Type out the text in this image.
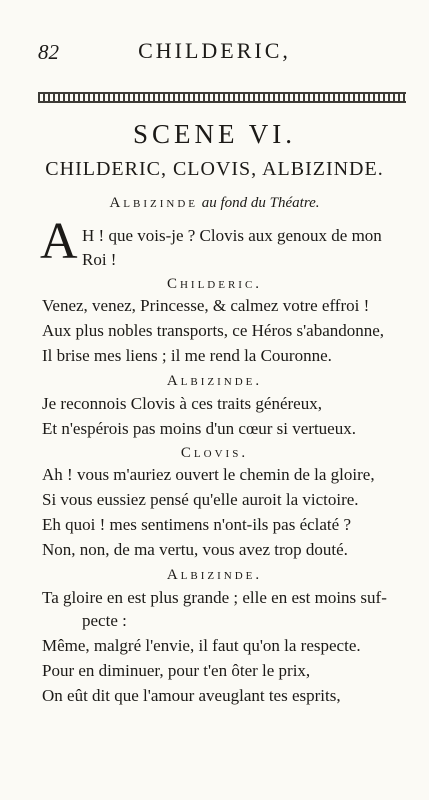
82	CHILDERIC,
SCENE VI.
CHILDERIC, CLOVIS, ALBIZINDE.
Albizinde au fond du Théatre.
A H ! que vois-je ? Clovis aux genoux de mon
Roi !
Childeric.
Venez, venez, Princesse, & calmez votre effroi !
Aux plus nobles transports, ce Héros s'abandonne,
Il brise mes liens ; il me rend la Couronne.
Albizinde.
Je reconnois Clovis à ces traits généreux,
Et n'espérois pas moins d'un cœur si vertueux.
Clovis.
Ah ! vous m'auriez ouvert le chemin de la gloire,
Si vous eussiez pensé qu'elle auroit la victoire.
Eh quoi ! mes sentimens n'ont-ils pas éclaté ?
Non, non, de ma vertu, vous avez trop douté.
Albizinde.
Ta gloire en est plus grande ; elle en est moins suf-
pecte :
Même, malgré l'envie, il faut qu'on la respecte.
Pour en diminuer, pour t'en ôter le prix,
On eût dit que l'amour aveuglant tes esprits,
